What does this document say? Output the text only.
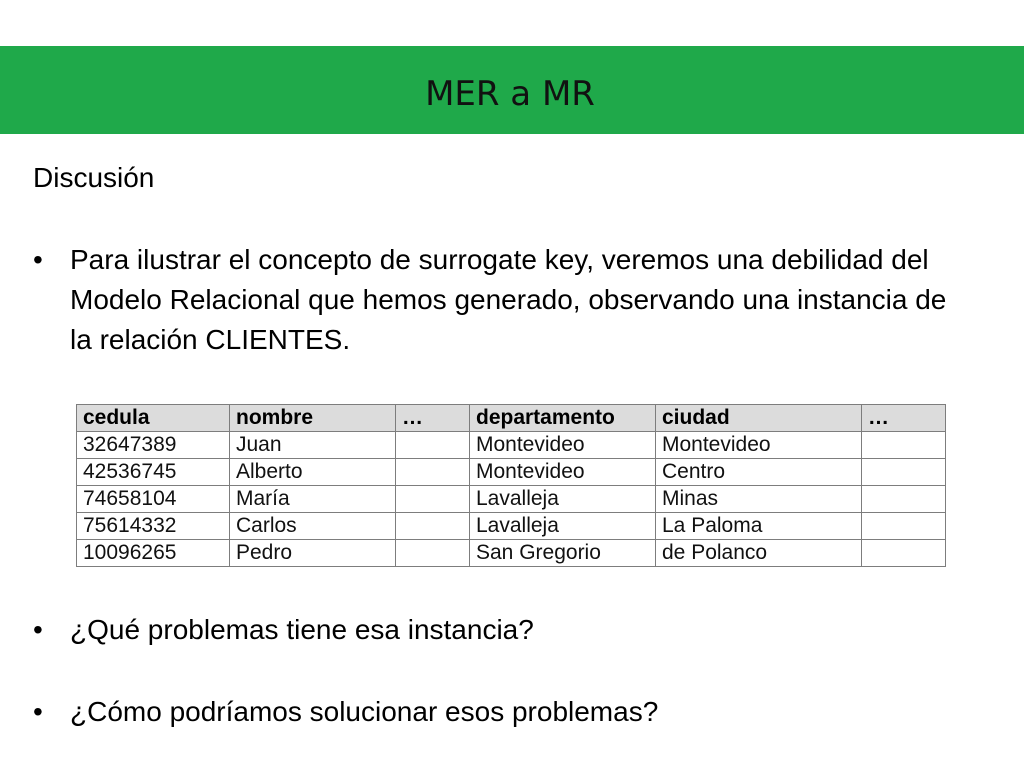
MER a MR
Discusión
• Para ilustrar el concepto de surrogate key, veremos una debilidad del Modelo Relacional que hemos generado, observando una instancia de la relación CLIENTES.
cedula	nombre	…	departamento	ciudad	…
32647389	Juan		Montevideo	Montevideo	
42536745	Alberto		Montevideo	Centro	
74658104	María		Lavalleja	Minas	
75614332	Carlos		Lavalleja	La Paloma	
10096265	Pedro		San Gregorio	de Polanco	
• ¿Qué problemas tiene esa instancia?
• ¿Cómo podríamos solucionar esos problemas?
